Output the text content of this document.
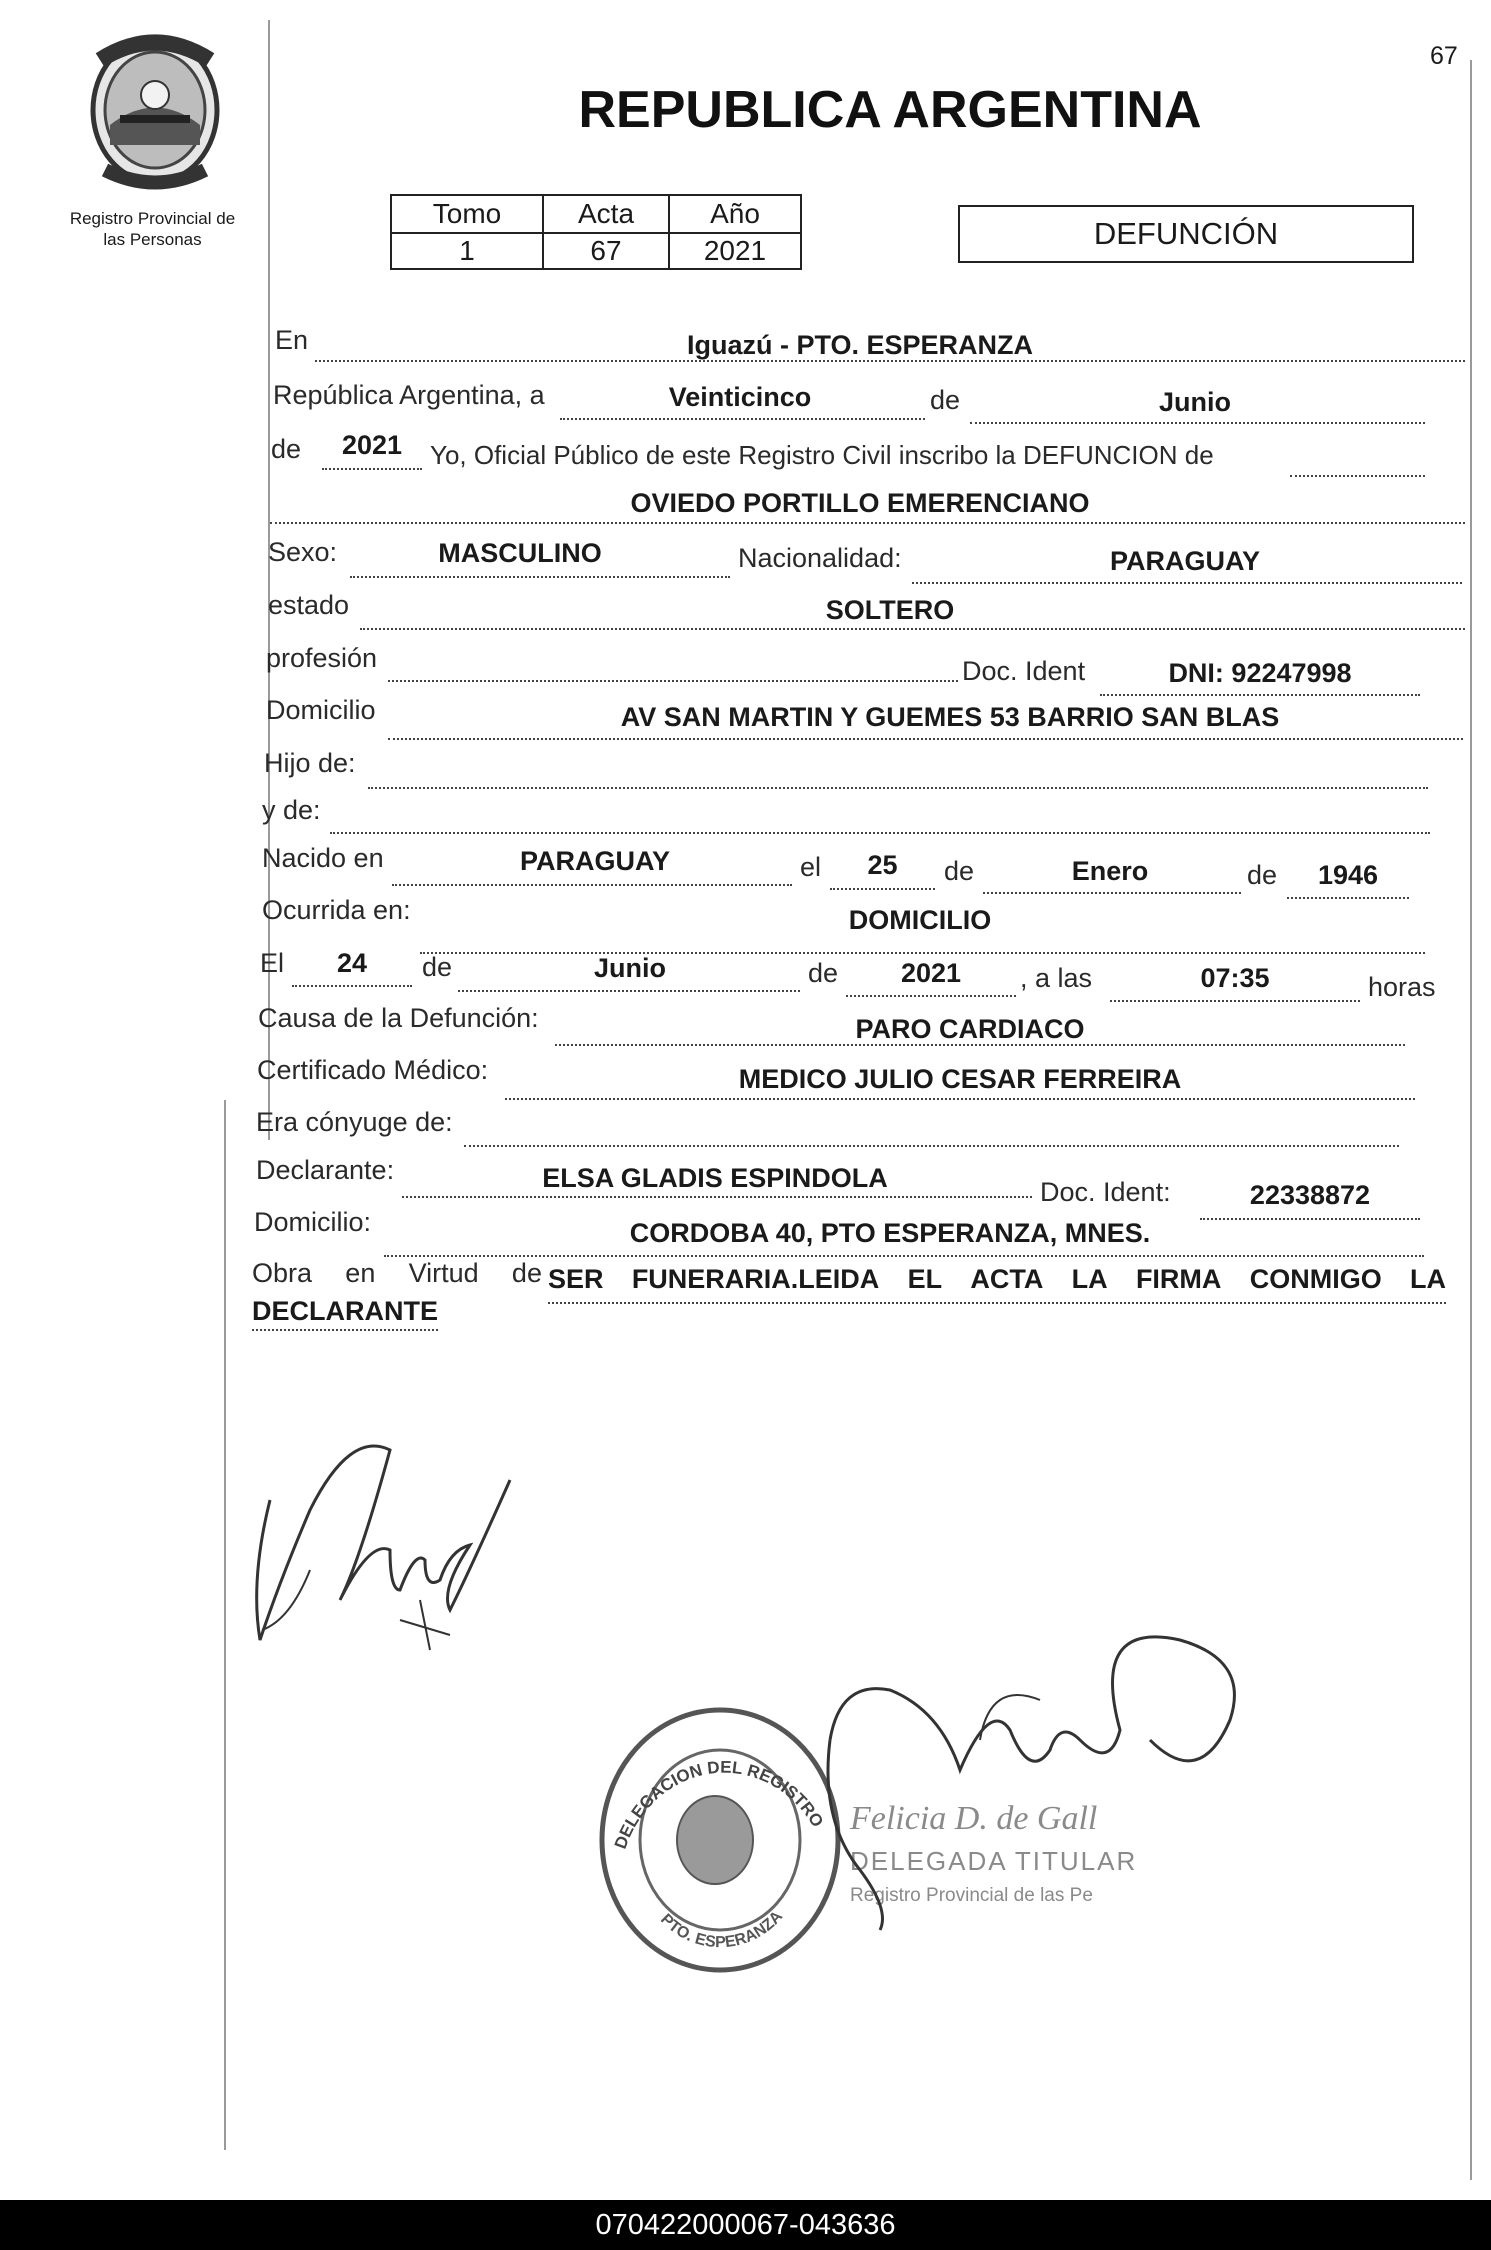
67
Registro Provincial de
las Personas
REPUBLICA ARGENTINA
Tomo	Acta	Año
1	67	2021	DEFUNCIÓN
En	Iguazú - PTO. ESPERANZA
República Argentina, a	Veinticinco	de	Junio
de	2021	Yo, Oficial Público de este Registro Civil inscribo la DEFUNCION de
OVIEDO PORTILLO EMERENCIANO
Sexo:	MASCULINO	Nacionalidad:	PARAGUAY
estado	SOLTERO
profesión	Doc. Ident	DNI: 92247998
Domicilio	AV SAN MARTIN Y GUEMES 53 BARRIO SAN BLAS
Hijo de:
y de:
Nacido en	PARAGUAY	el	25	de	Enero	de	1946
Ocurrida en:	DOMICILIO
El	24	de	Junio	de	2021	, a las	07:35	horas
Causa de la Defunción:	PARO CARDIACO
Certificado Médico:	MEDICO JULIO CESAR FERREIRA
Era cónyuge de:
Declarante:	ELSA GLADIS ESPINDOLA	Doc. Ident:	22338872
Domicilio:	CORDOBA 40, PTO ESPERANZA, MNES.
Obra en Virtud de SER FUNERARIA.LEIDA EL ACTA LA FIRMA CONMIGO LA
DECLARANTE
DELEGACION DEL REGISTRO
PTO. ESPERANZA
Felicia D. de Gall
DELEGADA TITULAR
Registro Provincial de las Pe
070422000067-043636
